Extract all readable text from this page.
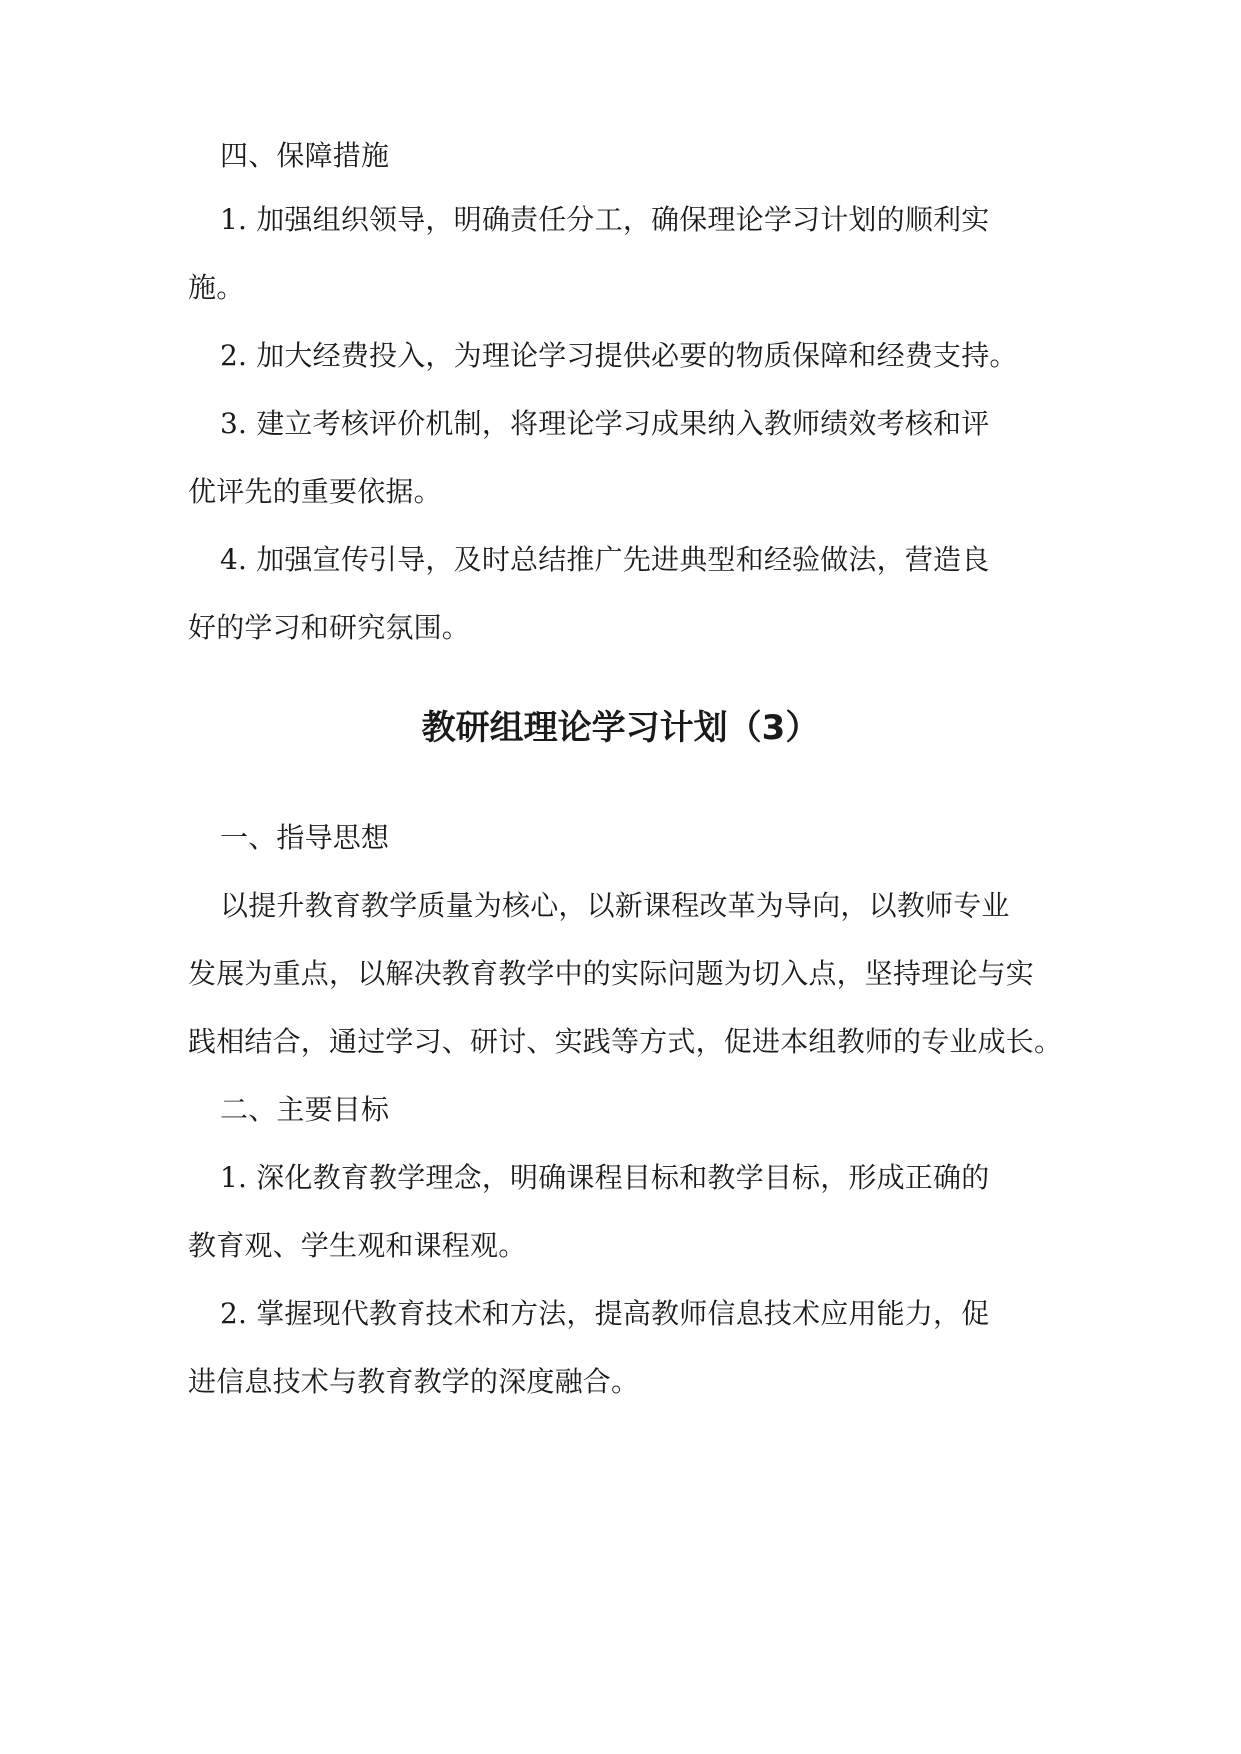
四、保障措施
1. 加强组织领导，明确责任分工，确保理论学习计划的顺利实
施。
2. 加大经费投入，为理论学习提供必要的物质保障和经费支持。
3. 建立考核评价机制，将理论学习成果纳入教师绩效考核和评
优评先的重要依据。
4. 加强宣传引导，及时总结推广先进典型和经验做法，营造良
好的学习和研究氛围。
教研组理论学习计划（3）
一、指导思想
以提升教育教学质量为核心，以新课程改革为导向，以教师专业
发展为重点，以解决教育教学中的实际问题为切入点，坚持理论与实
践相结合，通过学习、研讨、实践等方式，促进本组教师的专业成长。
二、主要目标
1. 深化教育教学理念，明确课程目标和教学目标，形成正确的
教育观、学生观和课程观。
2. 掌握现代教育技术和方法，提高教师信息技术应用能力，促
进信息技术与教育教学的深度融合。
